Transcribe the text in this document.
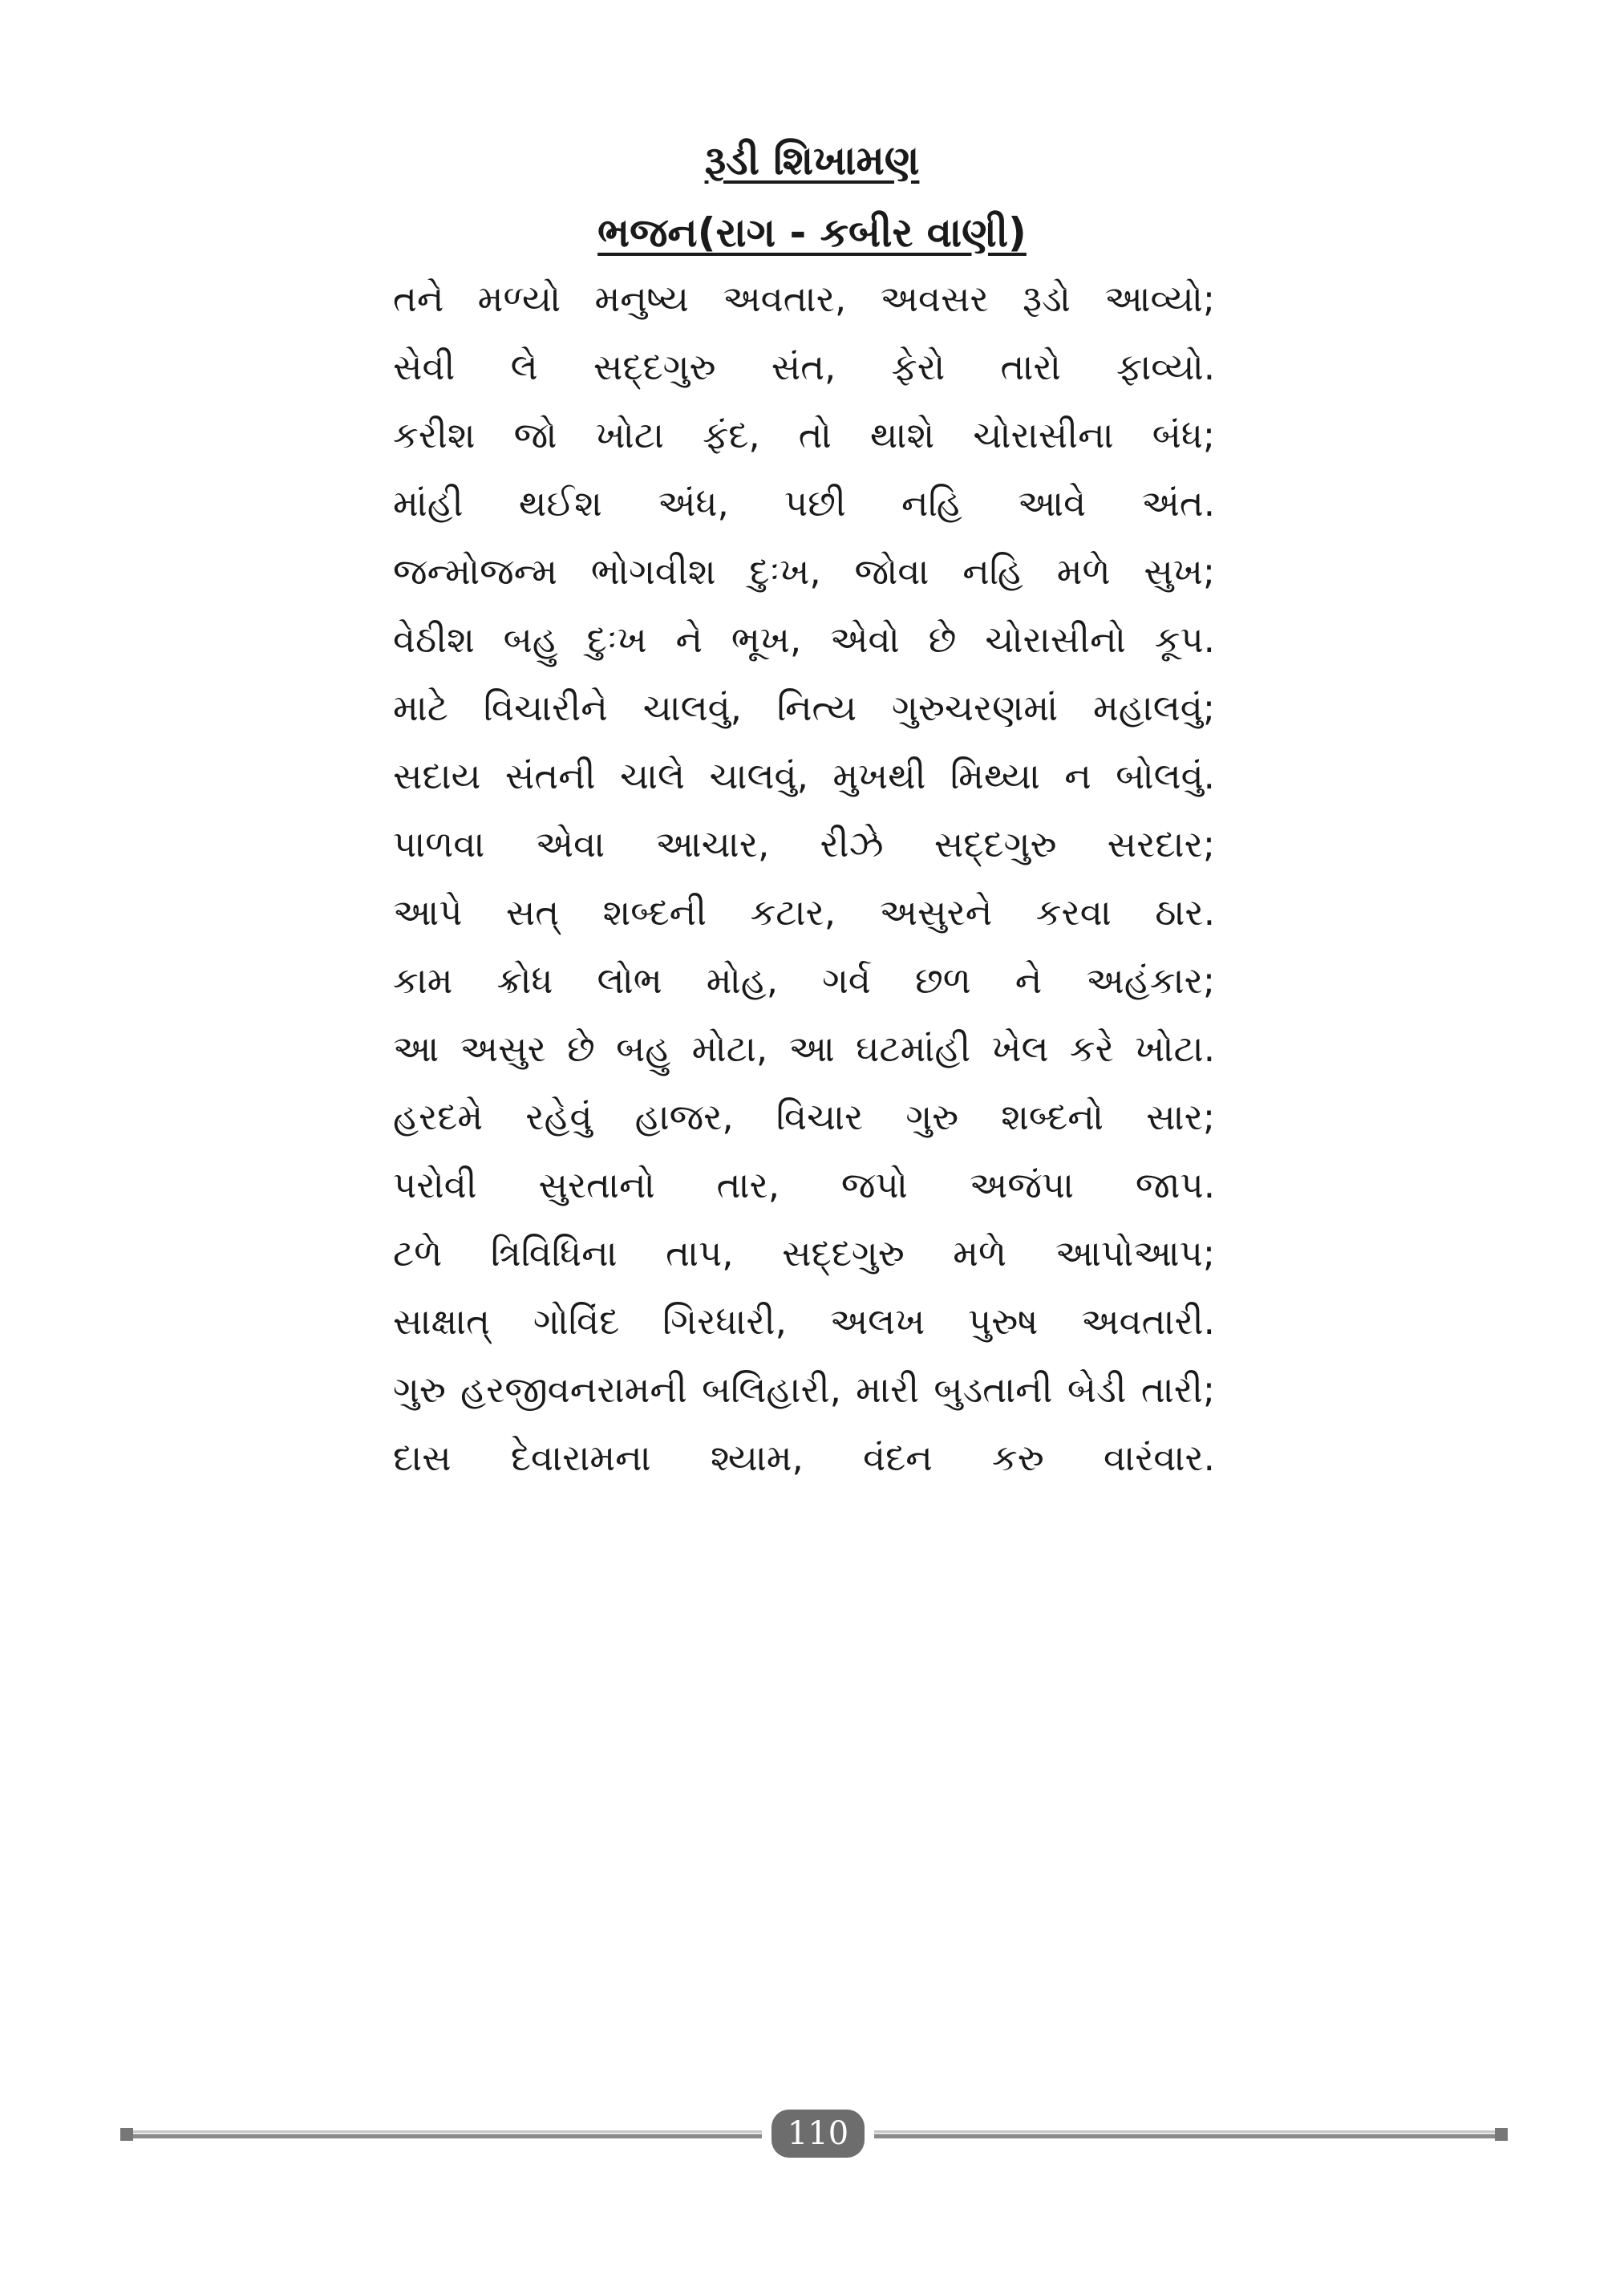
રૂડી શિખામણ
ભજન(રાગ - કબીર વાણી)
તને મળ્યો મનુષ્ય અવતાર, અવસર રૂડો આવ્યો;
સેવી લે સદ્દગુરુ સંત, ફેરો તારો ફાવ્યો.
કરીશ જો ખોટા ફંદ, તો થાશે ચોરાસીના બંધ;
માંહી થઈશ અંધ, પછી નહિ આવે અંત.
જન્મોજન્મ ભોગવીશ દુઃખ, જોવા નહિ મળે સુખ;
વેઠીશ બહુ દુઃખ ને ભૂખ, એવો છે ચોરાસીનો કૂપ.
માટે વિચારીને ચાલવું, નિત્ય ગુરુચરણમાં મહાલવું;
સદાય સંતની ચાલે ચાલવું, મુખથી મિથ્યા ન બોલવું.
પાળવા એવા આચાર, રીઝે સદ્દગુરુ સરદાર;
આપે સત્ શબ્દની કટાર, અસુરને કરવા ઠાર.
કામ ક્રોધ લોભ મોહ, ગર્વ છળ ને અહંકાર;
આ અસુર છે બહુ મોટા, આ ઘટમાંહી ખેલ કરે ખોટા.
હરદમે રહેવું હાજર, વિચાર ગુરુ શબ્દનો સાર;
પરોવી સુરતાનો તાર, જપો અજંપા જાપ.
ટળે ત્રિવિધિના તાપ, સદ્દગુરુ મળે આપોઆપ;
સાક્ષાત્ ગોવિંદ ગિરધારી, અલખ પુરુષ અવતારી.
ગુરુ હરજીવનરામની બલિહારી, મારી બુડતાની બેડી તારી;
દાસ દેવારામના શ્યામ, વંદન કરુ વારંવાર.
110
